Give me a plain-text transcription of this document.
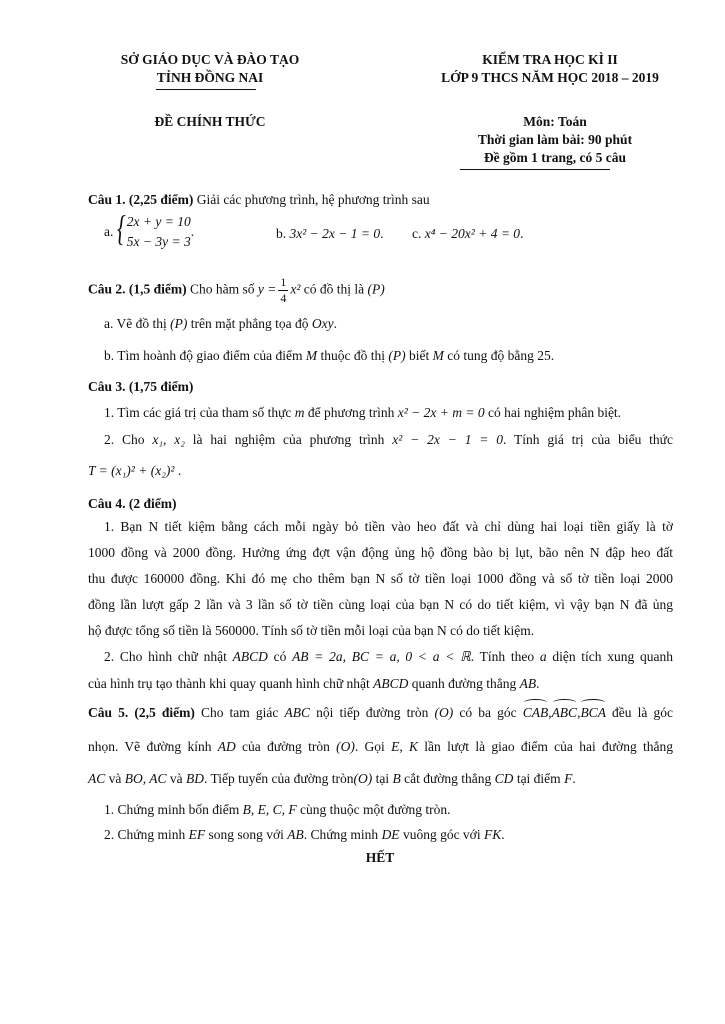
SỞ GIÁO DỤC VÀ ĐÀO TẠO
TỈNH ĐỒNG NAI
KIỂM TRA HỌC KÌ II
LỚP 9 THCS NĂM HỌC 2018 – 2019
ĐỀ CHÍNH THỨC	Môn: Toán
Thời gian làm bài: 90 phút
Đề gồm 1 trang, có 5 câu
Câu 1. (2,25 điểm) Giải các phương trình, hệ phương trình sau
a. { 2x + y = 10
5x − 3y = 3
.	b. 3x² − 2x − 1 = 0. c. x⁴ − 20x² + 4 = 0.
Câu 2. (1,5 điểm) Cho hàm số $y = \frac{1}{4} x^2$ có đồ thị là (P)
a. Vẽ đồ thị (P) trên mặt phẳng tọa độ Oxy.
b. Tìm hoành độ giao điểm của điểm M thuộc đồ thị (P) biết M có tung độ bằng 25.
Câu 3. (1,75 điểm)
1. Tìm các giá trị của tham số thực m để phương trình x² − 2x + m = 0 có hai nghiệm phân biệt.
2. Cho x₁, x₂ là hai nghiệm của phương trình x² − 2x − 1 = 0. Tính giá trị của biểu thức
T = (x₁)² + (x₂)² .
Câu 4. (2 điểm)
1. Bạn N tiết kiệm bằng cách mỗi ngày bỏ tiền vào heo đất và chỉ dùng hai loại tiền giấy là tờ
1000 đồng và 2000 đồng. Hưởng ứng đợt vận động ủng hộ đồng bào bị lụt, bão nên N đập heo đất
thu được 160000 đồng. Khi đó mẹ cho thêm bạn N số tờ tiền loại 1000 đồng và số tờ tiền loại 2000
đồng lần lượt gấp 2 lần và 3 lần số tờ tiền cùng loại của bạn N có do tiết kiệm, vì vậy bạn N đã ủng
hộ được tổng số tiền là 560000. Tính số tờ tiền mỗi loại của bạn N có do tiết kiệm.
2. Cho hình chữ nhật ABCD có AB = 2a, BC = a, 0 < a < ℝ. Tính theo a diện tích xung quanh
của hình trụ tạo thành khi quay quanh hình chữ nhật ABCD quanh đường thẳng AB.
Câu 5. (2,5 điểm) Cho tam giác ABC nội tiếp đường tròn (O) có ba góc CAB,ABC,BCA đều là góc
nhọn. Vẽ đường kính AD của đường tròn (O). Gọi E, K lần lượt là giao điểm của hai đường thẳng
AC và BO, AC và BD. Tiếp tuyến của đường tròn(O) tại B cắt đường thẳng CD tại điểm F.
1. Chứng minh bốn điểm B, E, C, F cùng thuộc một đường tròn.
2. Chứng minh EF song song với AB. Chứng minh DE vuông góc với FK.
HẾT
